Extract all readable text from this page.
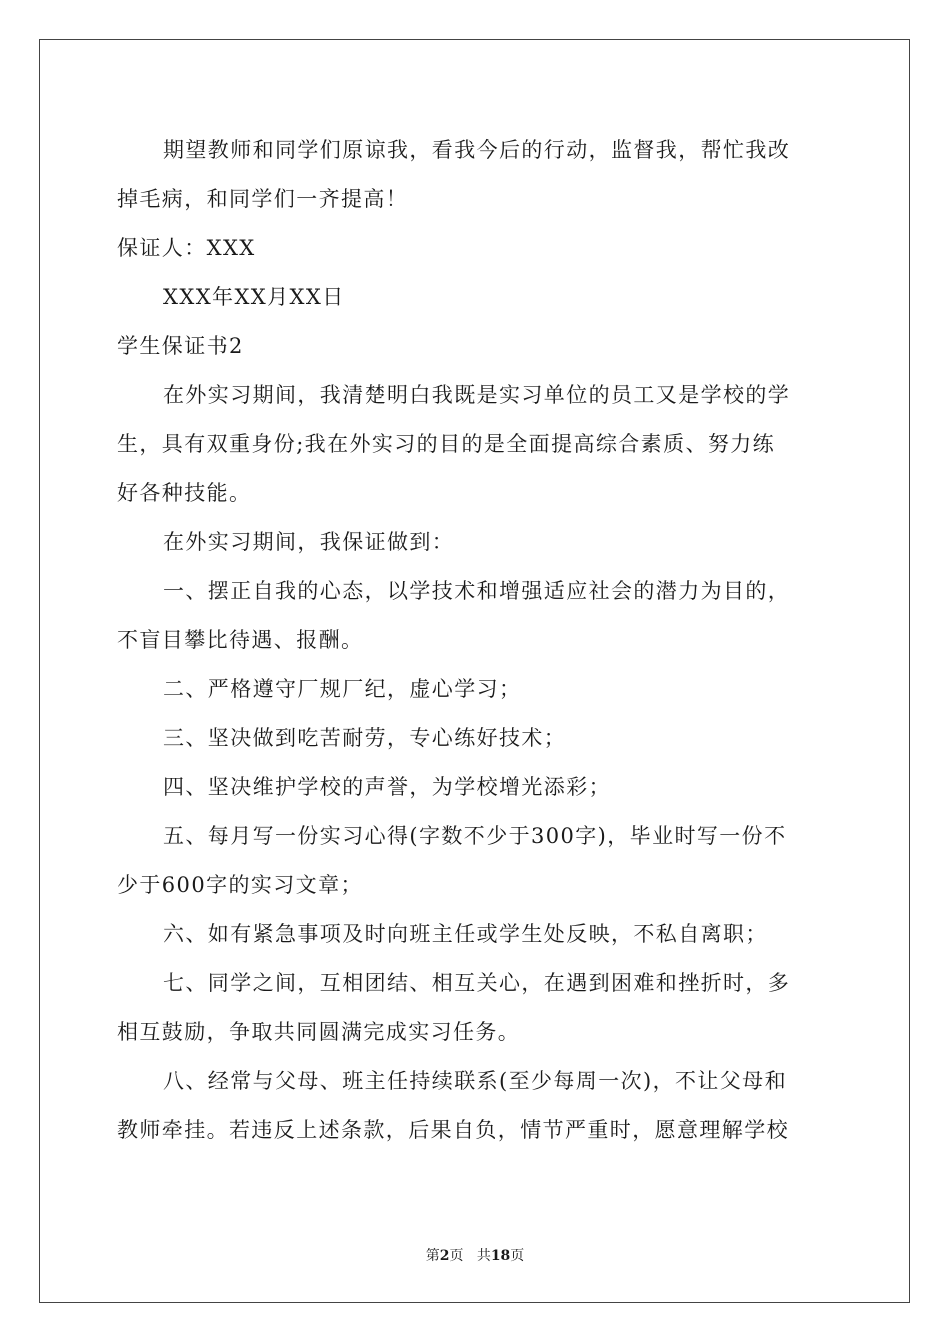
期望教师和同学们原谅我，看我今后的行动，监督我，帮忙我改

掉毛病，和同学们一齐提高！

保证人：XXX

XXX年XX月XX日

学生保证书2

在外实习期间，我清楚明白我既是实习单位的员工又是学校的学

生，具有双重身份;我在外实习的目的是全面提高综合素质、努力练

好各种技能。

在外实习期间，我保证做到：

一、摆正自我的心态，以学技术和增强适应社会的潜力为目的，

不盲目攀比待遇、报酬。

二、严格遵守厂规厂纪，虚心学习；

三、坚决做到吃苦耐劳，专心练好技术；

四、坚决维护学校的声誉，为学校增光添彩；

五、每月写一份实习心得(字数不少于300字)，毕业时写一份不

少于600字的实习文章；

六、如有紧急事项及时向班主任或学生处反映，不私自离职；

七、同学之间，互相团结、相互关心，在遇到困难和挫折时，多

相互鼓励，争取共同圆满完成实习任务。

八、经常与父母、班主任持续联系(至少每周一次)，不让父母和

教师牵挂。若违反上述条款，后果自负，情节严重时，愿意理解学校

第2页 共18页
